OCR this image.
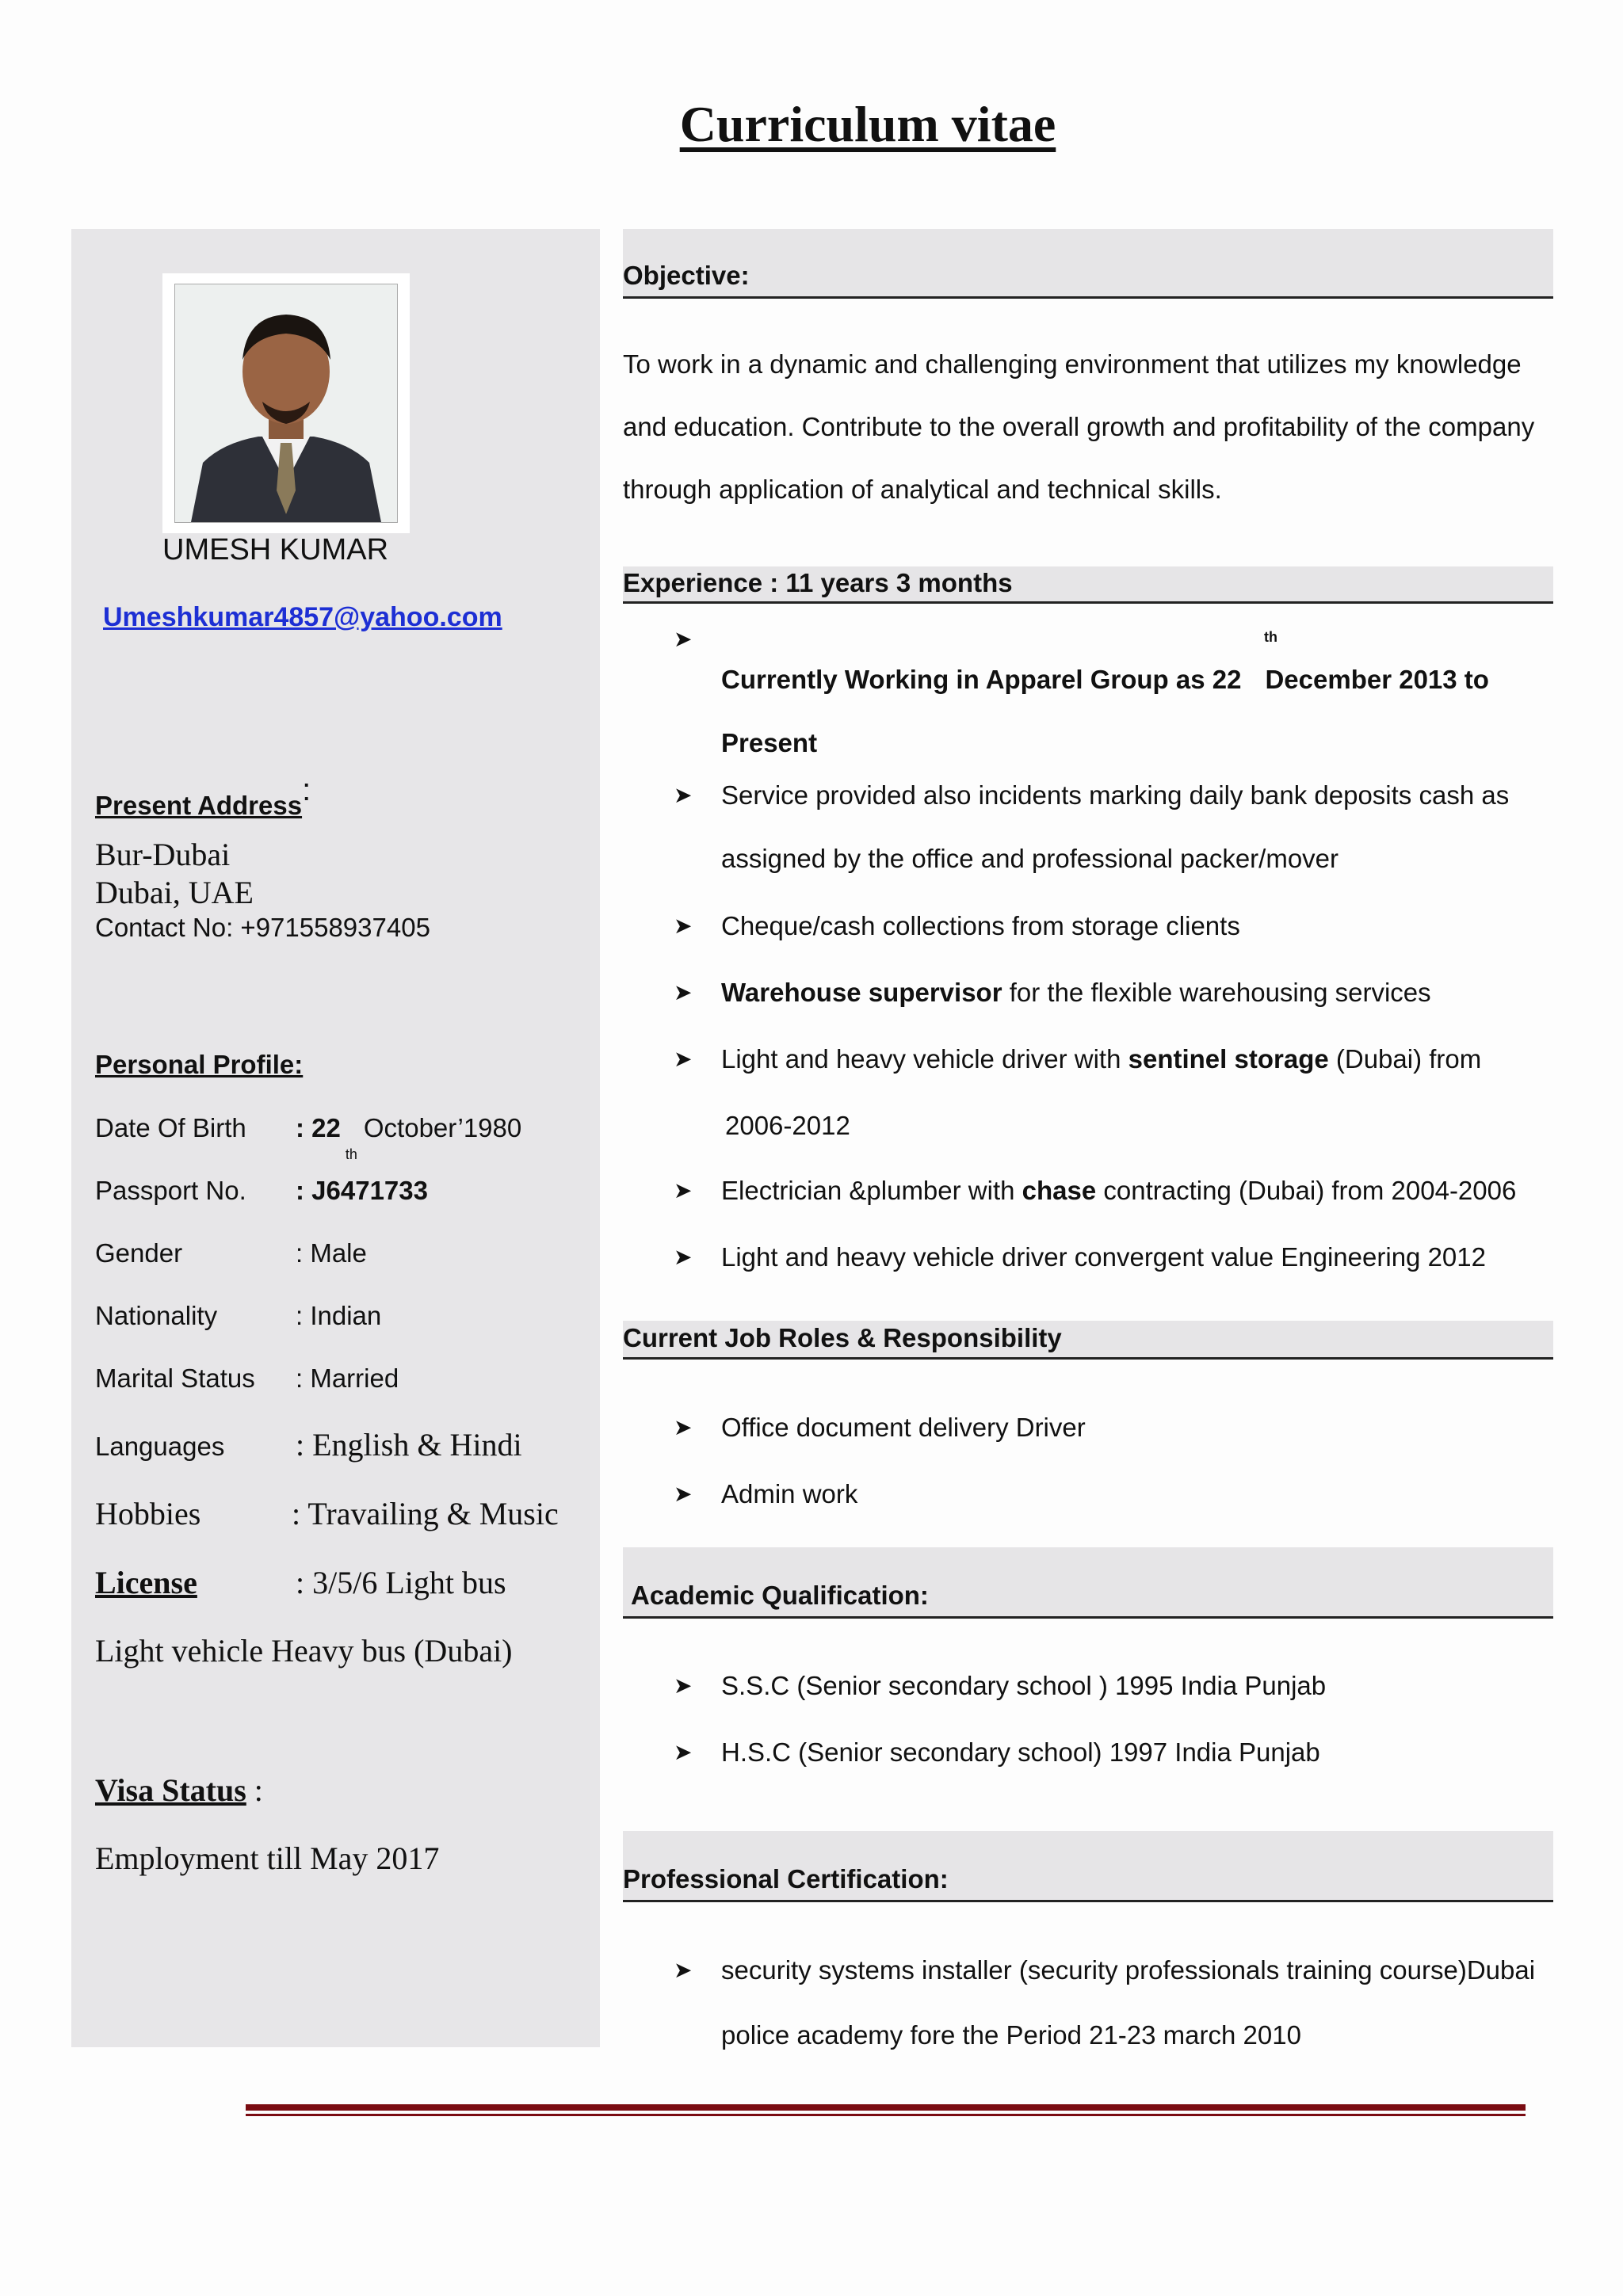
Curriculum vitae
UMESH KUMAR
Umeshkumar4857@yahoo.com
Present Address:
Bur-Dubai
Dubai, UAE
Contact No: +971558937405
Personal Profile:
Date Of Birth : $22_{th}October’1980$
Passport No. : J6471733
Gender	: Male
Nationality	: Indian
Marital Status : Married
Languages : English & Hindi
Hobbies	: Travailing & Music
License	: 3/5/6 Light bus
Light vehicle Heavy bus (Dubai)
Visa Status :
Employment till May 2017
Objective:
To work in a dynamic and challenging environment that utilizes my knowledge and education. Contribute to the overall growth and profitability of the company through application of analytical and technical skills.
Experience : 11 years 3 months
➤	th
Currently Working in Apparel Group as 22 December 2013 to Present
➤ Service provided also incidents marking daily bank deposits cash as assigned by the office and professional packer/mover
➤ Cheque/cash collections from storage clients
➤ Warehouse supervisor for the flexible warehousing services
➤ Light and heavy vehicle driver with sentinel storage (Dubai) from
2006-2012
➤ Electrician &plumber with chase contracting (Dubai) from 2004-2006
➤ Light and heavy vehicle driver convergent value Engineering 2012
Current Job Roles & Responsibility
➤ Office document delivery Driver
➤ Admin work
Academic Qualification:
➤ S.S.C (Senior secondary school ) 1995 India Punjab
➤ H.S.C (Senior secondary school) 1997 India Punjab
Professional Certification:
➤ security systems installer (security professionals training course)Dubai police academy fore the Period 21-23 march 2010
